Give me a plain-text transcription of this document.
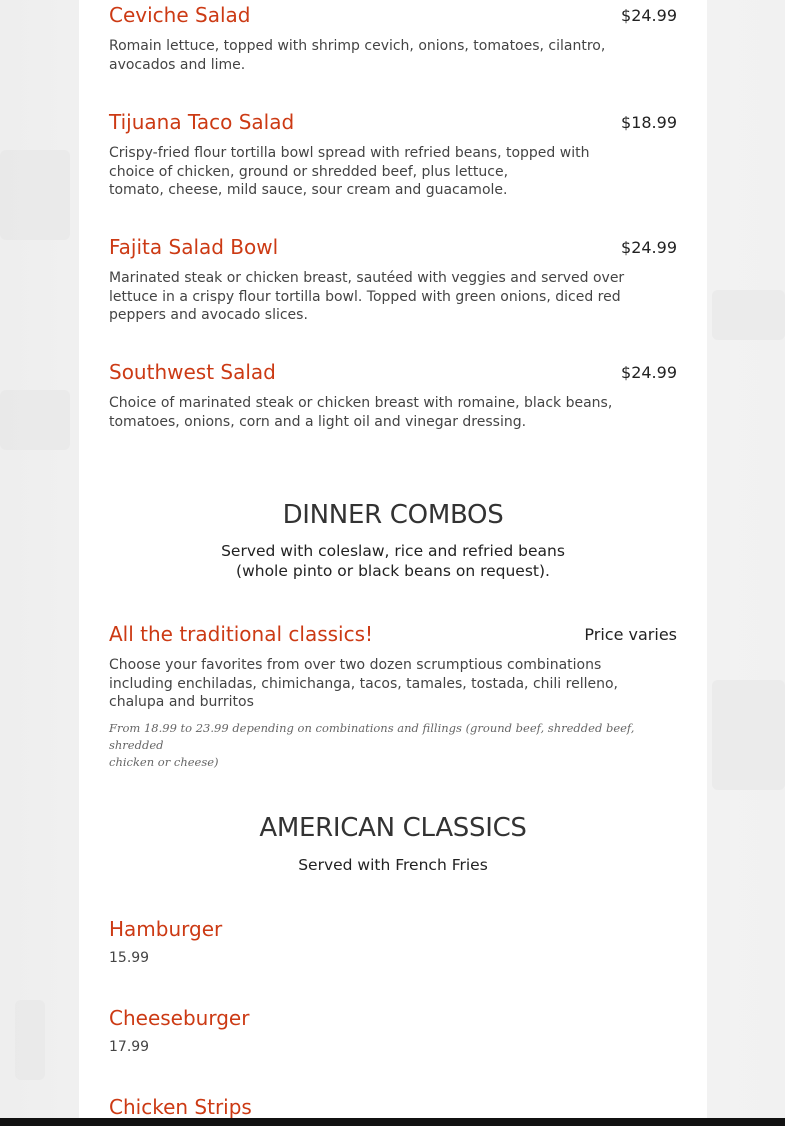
Ceviche Salad	$24.99
Romain lettuce, topped with shrimp cevich, onions, tomatoes, cilantro,
avocados and lime.
Tijuana Taco Salad	$18.99
Crispy-fried flour tortilla bowl spread with refried beans, topped with
choice of chicken, ground or shredded beef, plus lettuce,
tomato, cheese, mild sauce, sour cream and guacamole.
Fajita Salad Bowl	$24.99
Marinated steak or chicken breast, sautéed with veggies and served over
lettuce in a crispy flour tortilla bowl. Topped with green onions, diced red
peppers and avocado slices.
Southwest Salad	$24.99
Choice of marinated steak or chicken breast with romaine, black beans,
tomatoes, onions, corn and a light oil and vinegar dressing.
DINNER COMBOS
Served with coleslaw, rice and refried beans
(whole pinto or black beans on request).
All the traditional classics!	Price varies
Choose your favorites from over two dozen scrumptious combinations
including enchiladas, chimichanga, tacos, tamales, tostada, chili relleno,
chalupa and burritos
From 18.99 to 23.99 depending on combinations and fillings (ground beef, shredded beef, shredded
chicken or cheese)
AMERICAN CLASSICS
Served with French Fries
Hamburger
15.99
Cheeseburger
17.99
Chicken Strips
